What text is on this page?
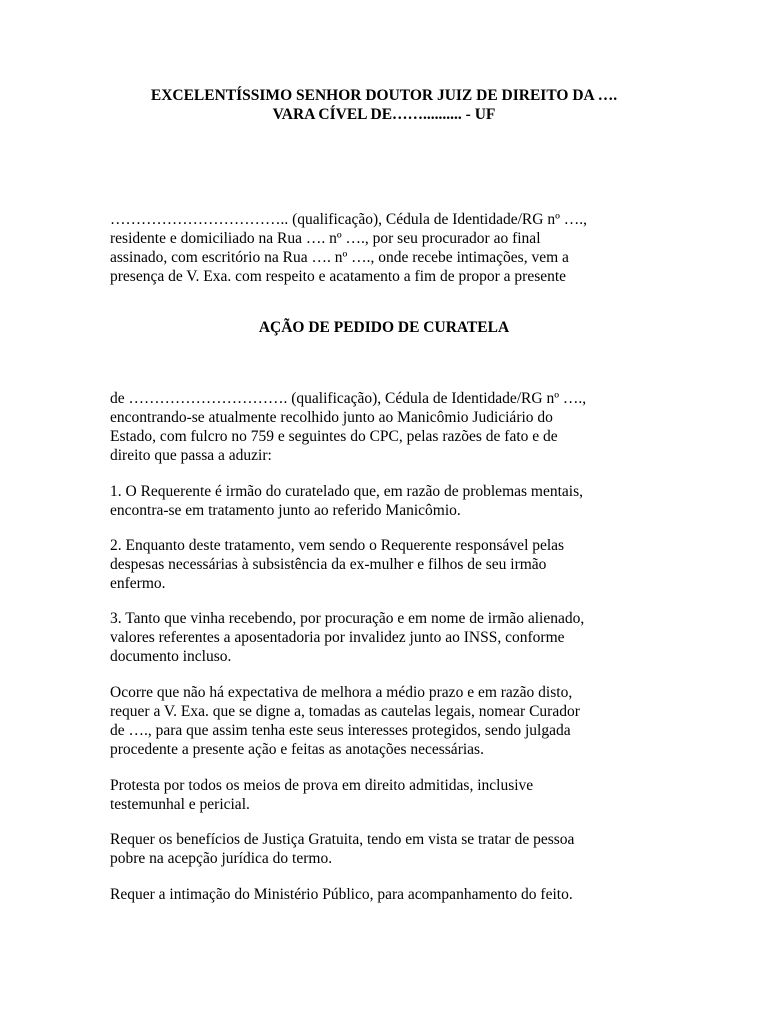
EXCELENTÍSSIMO SENHOR DOUTOR JUIZ DE DIREITO DA ….
VARA CÍVEL DE…….......... - UF
…………………………….. (qualificação), Cédula de Identidade/RG nº ….,
residente e domiciliado na Rua …. nº …., por seu procurador ao final
assinado, com escritório na Rua …. nº …., onde recebe intimações, vem a
presença de V. Exa. com respeito e acatamento a fim de propor a presente
AÇÃO DE PEDIDO DE CURATELA
de …………………………. (qualificação), Cédula de Identidade/RG nº ….,
encontrando-se atualmente recolhido junto ao Manicômio Judiciário do
Estado, com fulcro no 759 e seguintes do CPC, pelas razões de fato e de
direito que passa a aduzir:
1. O Requerente é irmão do curatelado que, em razão de problemas mentais,
encontra-se em tratamento junto ao referido Manicômio.
2. Enquanto deste tratamento, vem sendo o Requerente responsável pelas
despesas necessárias à subsistência da ex-mulher e filhos de seu irmão
enfermo.
3. Tanto que vinha recebendo, por procuração e em nome de irmão alienado,
valores referentes a aposentadoria por invalidez junto ao INSS, conforme
documento incluso.
Ocorre que não há expectativa de melhora a médio prazo e em razão disto,
requer a V. Exa. que se digne a, tomadas as cautelas legais, nomear Curador
de …., para que assim tenha este seus interesses protegidos, sendo julgada
procedente a presente ação e feitas as anotações necessárias.
Protesta por todos os meios de prova em direito admitidas, inclusive
testemunhal e pericial.
Requer os benefícios de Justiça Gratuita, tendo em vista se tratar de pessoa
pobre na acepção jurídica do termo.
Requer a intimação do Ministério Público, para acompanhamento do feito.
